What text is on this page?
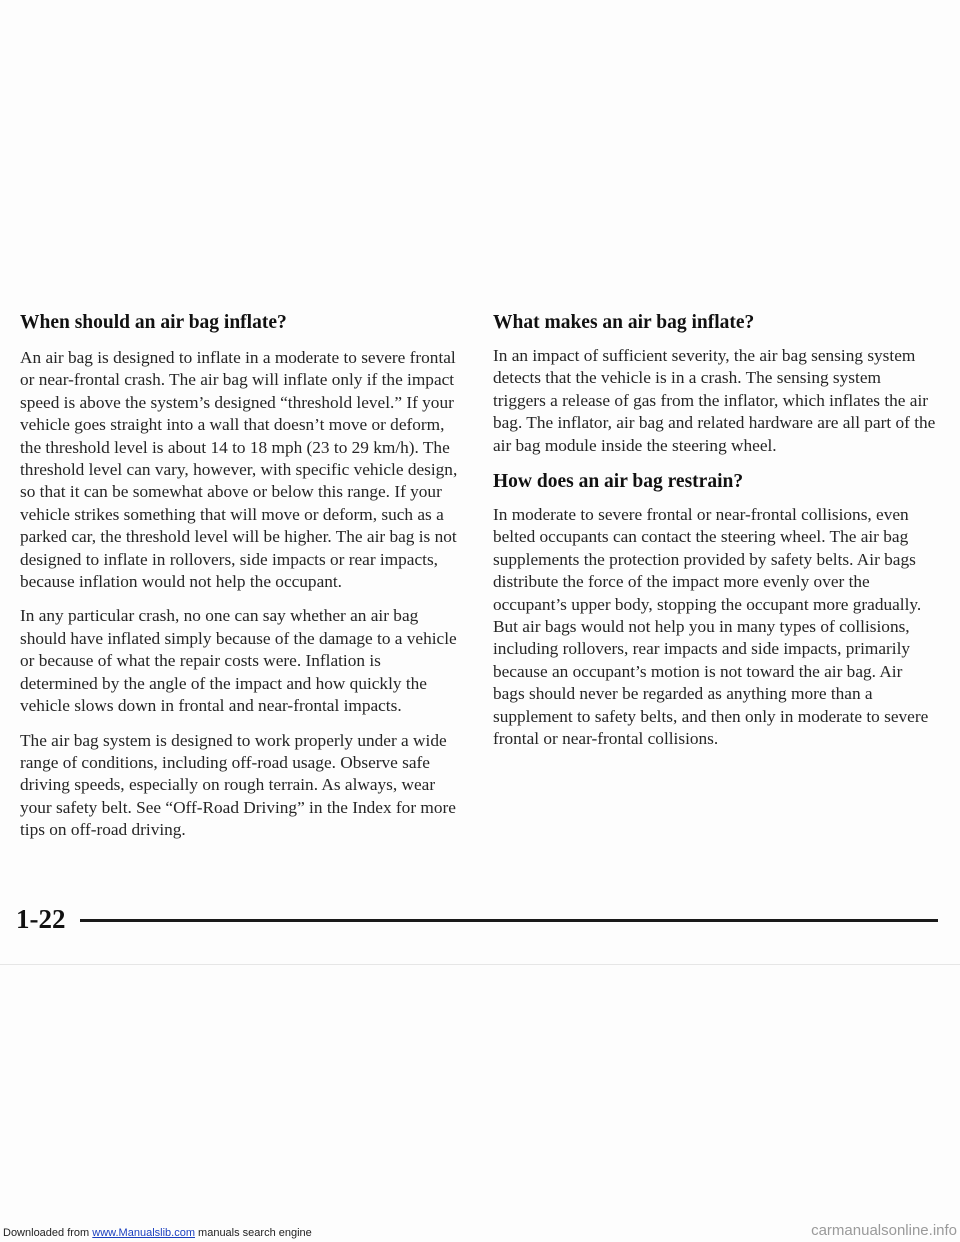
When should an air bag inflate?

An air bag is designed to inflate in a moderate to severe frontal or near-frontal crash. The air bag will inflate only if the impact speed is above the system’s designed “threshold level.” If your vehicle goes straight into a wall that doesn’t move or deform, the threshold level is about 14 to 18 mph (23 to 29 km/h). The threshold level can vary, however, with specific vehicle design, so that it can be somewhat above or below this range. If your vehicle strikes something that will move or deform, such as a parked car, the threshold level will be higher. The air bag is not designed to inflate in rollovers, side impacts or rear impacts, because inflation would not help the occupant.

In any particular crash, no one can say whether an air bag should have inflated simply because of the damage to a vehicle or because of what the repair costs were. Inflation is determined by the angle of the impact and how quickly the vehicle slows down in frontal and near-frontal impacts.

The air bag system is designed to work properly under a wide range of conditions, including off-road usage. Observe safe driving speeds, especially on rough terrain. As always, wear your safety belt. See “Off-Road Driving” in the Index for more tips on off-road driving.

What makes an air bag inflate?

In an impact of sufficient severity, the air bag sensing system detects that the vehicle is in a crash. The sensing system triggers a release of gas from the inflator, which inflates the air bag. The inflator, air bag and related hardware are all part of the air bag module inside the steering wheel.

How does an air bag restrain?

In moderate to severe frontal or near-frontal collisions, even belted occupants can contact the steering wheel. The air bag supplements the protection provided by safety belts. Air bags distribute the force of the impact more evenly over the occupant’s upper body, stopping the occupant more gradually. But air bags would not help you in many types of collisions, including rollovers, rear impacts and side impacts, primarily because an occupant’s motion is not toward the air bag. Air bags should never be regarded as anything more than a supplement to safety belts, and then only in moderate to severe frontal or near-frontal collisions.

1-22
Downloaded from www.Manualslib.com manuals search engine	carmanualsonline.info
